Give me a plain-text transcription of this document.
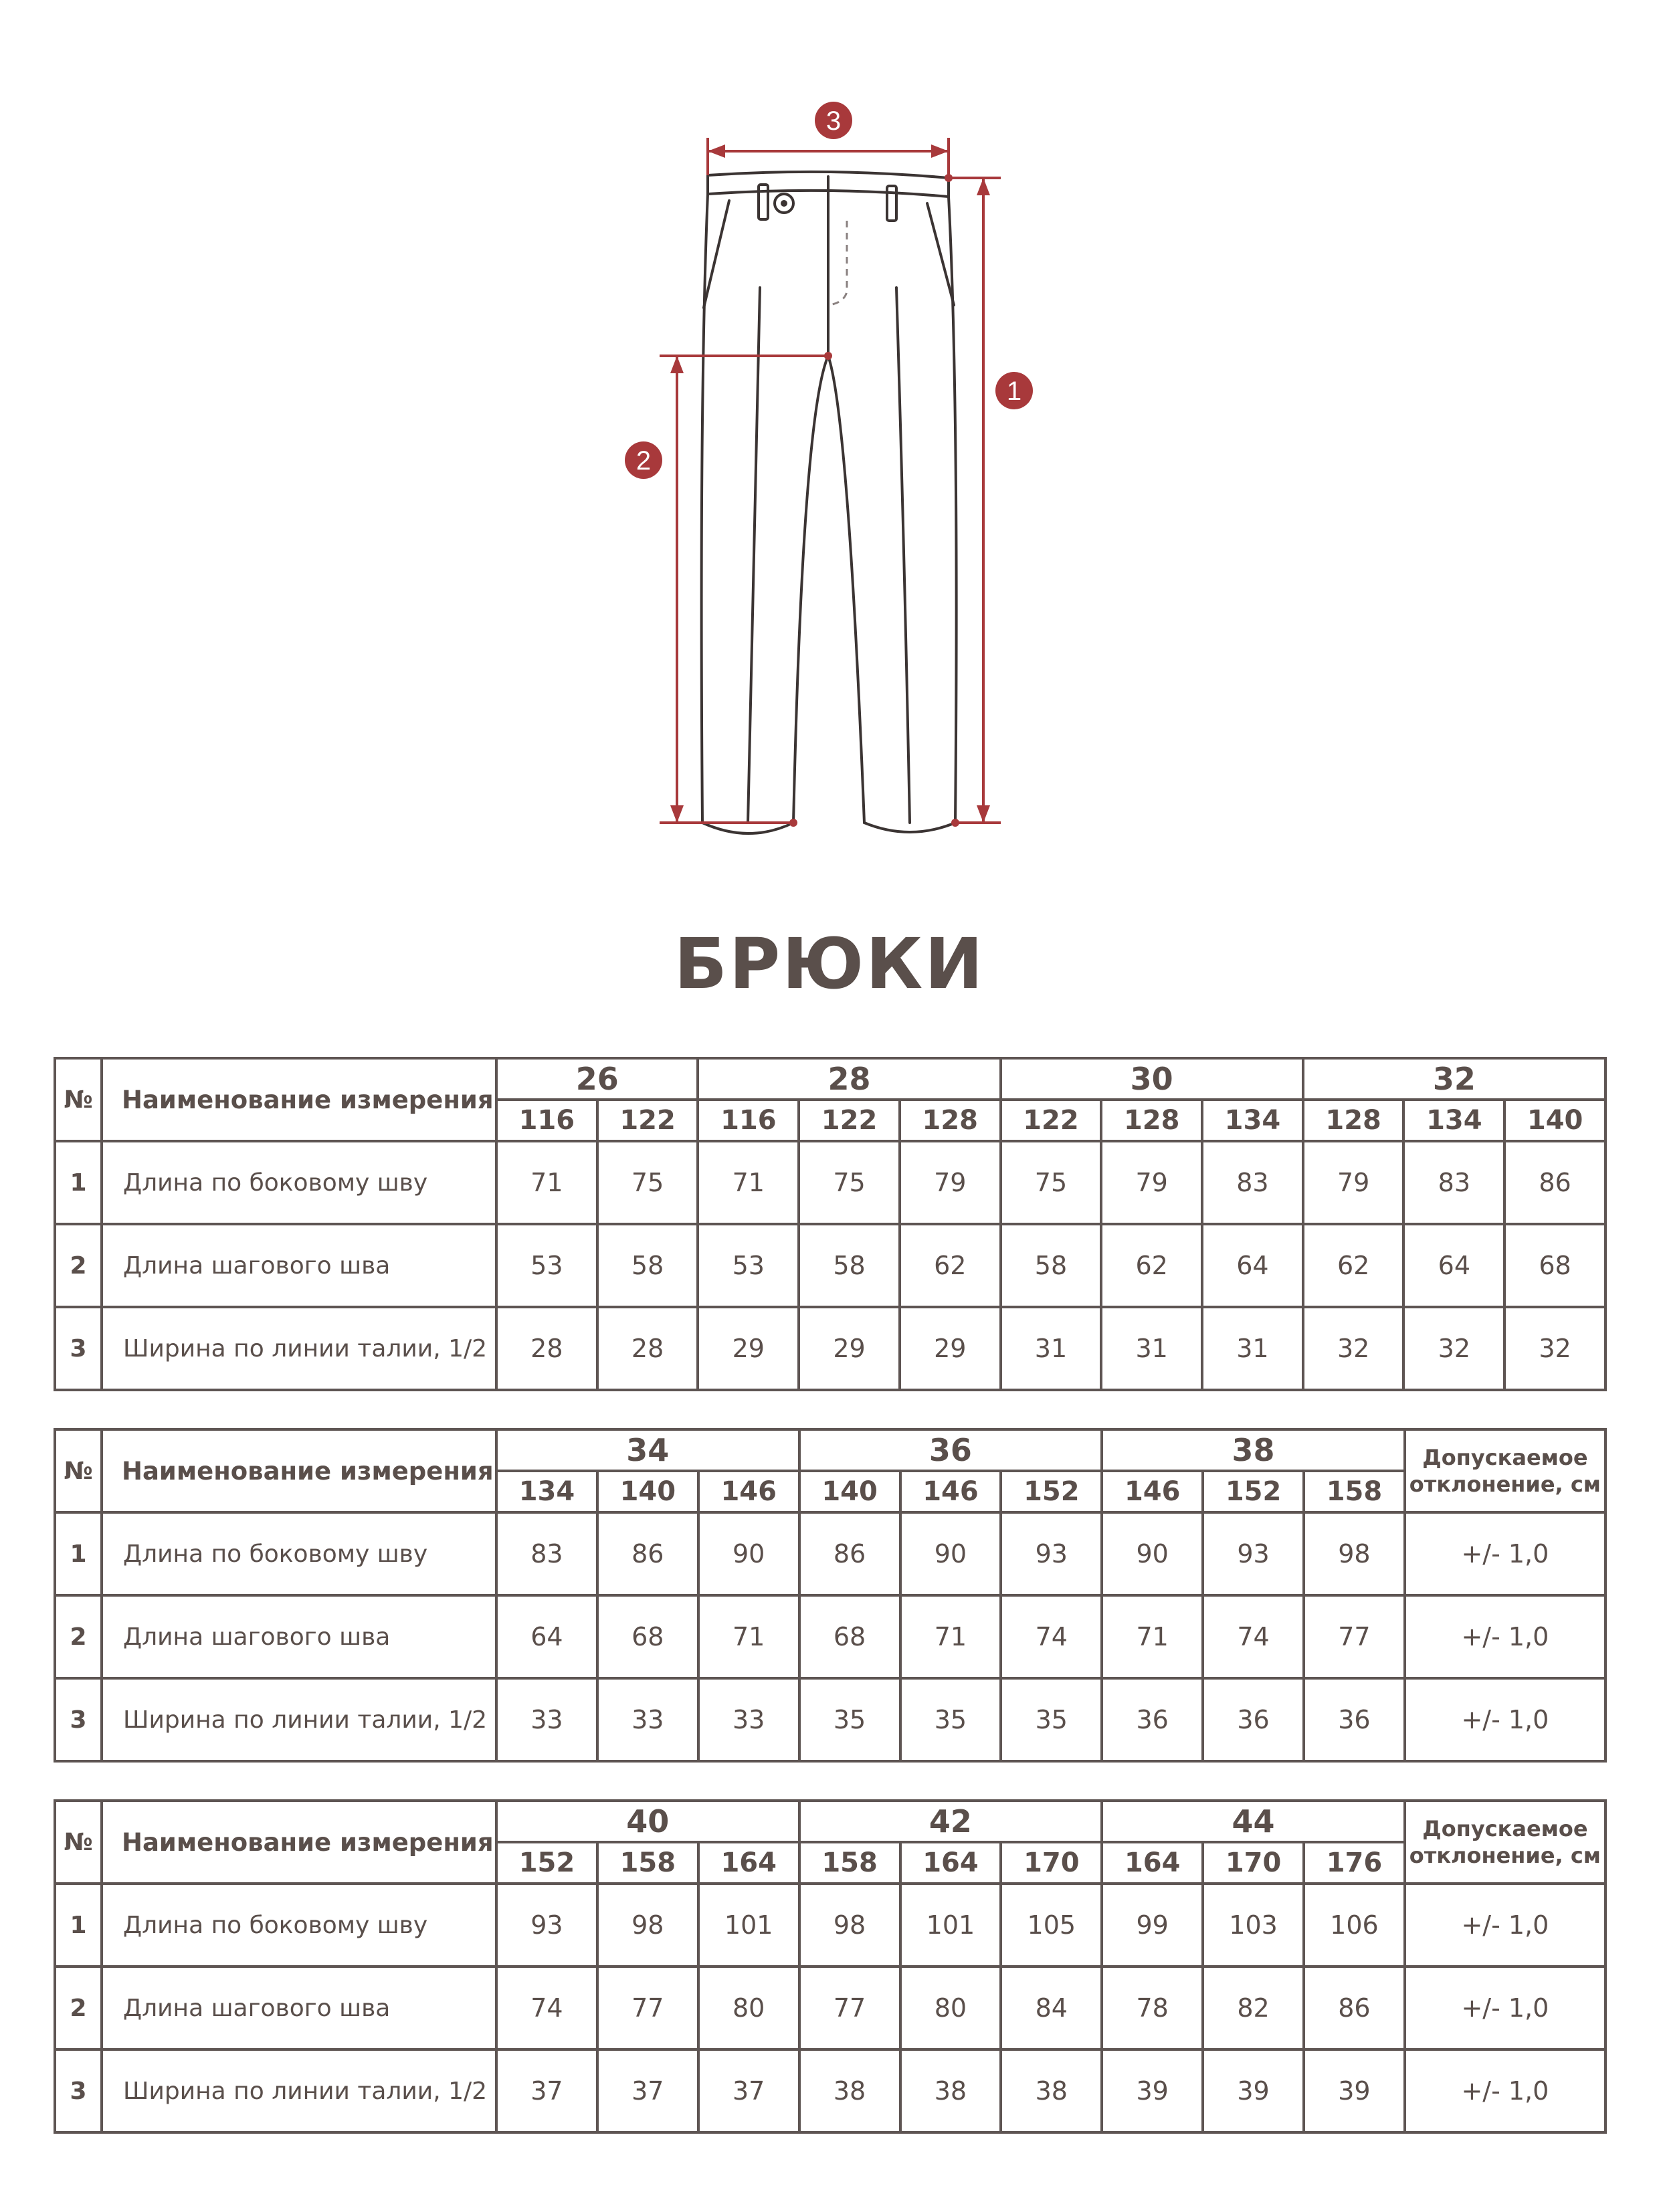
3
1
2
БРЮКИ
№	Наименование измерения	26		28			30			32		
		116	122	116	122	128	122	128	134	128	134	140
1	Длина по боковому шву	71	75	71	75	79	75	79	83	79	83	86
2	Длина шагового шва	53	58	53	58	62	58	62	64	62	64	68
3	Ширина по линии талии, 1/2	28	28	29	29	29	31	31	31	32	32	32
№	Наименование измерения	34			36			38			Допускаемое отклонение, см
		134	140	146	140	146	152	146	152	158	
1	Длина по боковому шву	83	86	90	86	90	93	90	93	98	+/- 1,0
2	Длина шагового шва	64	68	71	68	71	74	71	74	77	+/- 1,0
3	Ширина по линии талии, 1/2	33	33	33	35	35	35	36	36	36	+/- 1,0
№	Наименование измерения	40			42			44			Допускаемое отклонение, см
		152	158	164	158	164	170	164	170	176	
1	Длина по боковому шву	93	98	101	98	101	105	99	103	106	+/- 1,0
2	Длина шагового шва	74	77	80	77	80	84	78	82	86	+/- 1,0
3	Ширина по линии талии, 1/2	37	37	37	38	38	38	39	39	39	+/- 1,0
